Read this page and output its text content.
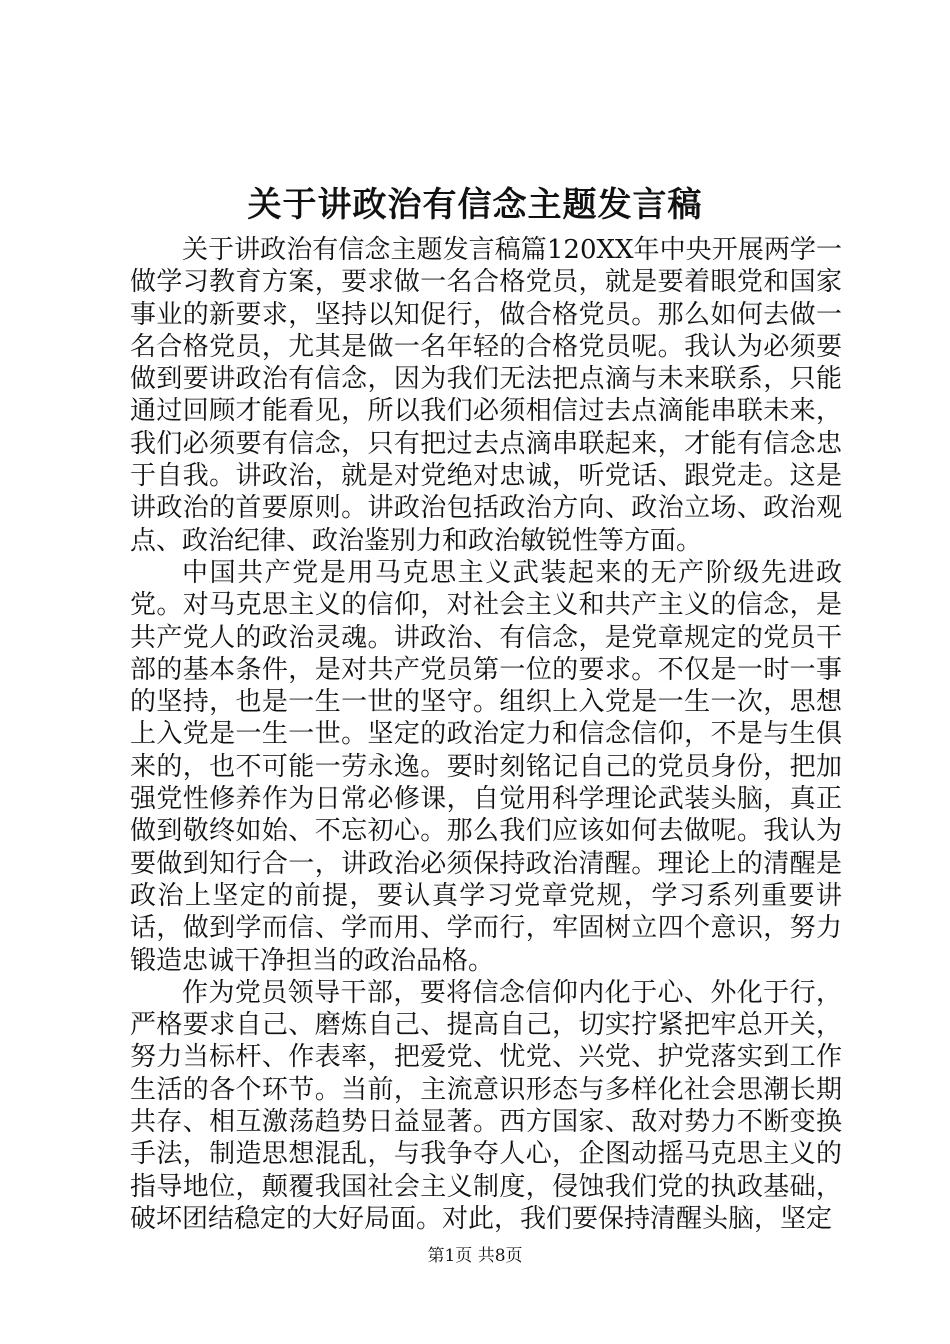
关于讲政治有信念主题发言稿

关于讲政治有信念主题发言稿篇120XX年中央开展两学一做学习教育方案，要求做一名合格党员，就是要着眼党和国家事业的新要求，坚持以知促行，做合格党员。那么如何去做一名合格党员，尤其是做一名年轻的合格党员呢。我认为必须要做到要讲政治有信念，因为我们无法把点滴与未来联系，只能通过回顾才能看见，所以我们必须相信过去点滴能串联未来，我们必须要有信念，只有把过去点滴串联起来，才能有信念忠于自我。讲政治，就是对党绝对忠诚，听党话、跟党走。这是讲政治的首要原则。讲政治包括政治方向、政治立场、政治观点、政治纪律、政治鉴别力和政治敏锐性等方面。

中国共产党是用马克思主义武装起来的无产阶级先进政党。对马克思主义的信仰，对社会主义和共产主义的信念，是共产党人的政治灵魂。讲政治、有信念，是党章规定的党员干部的基本条件，是对共产党员第一位的要求。不仅是一时一事的坚持，也是一生一世的坚守。组织上入党是一生一次，思想上入党是一生一世。坚定的政治定力和信念信仰，不是与生俱来的，也不可能一劳永逸。要时刻铭记自己的党员身份，把加强党性修养作为日常必修课，自觉用科学理论武装头脑，真正做到敬终如始、不忘初心。那么我们应该如何去做呢。我认为要做到知行合一，讲政治必须保持政治清醒。理论上的清醒是政治上坚定的前提，要认真学习党章党规，学习系列重要讲话，做到学而信、学而用、学而行，牢固树立四个意识，努力锻造忠诚干净担当的政治品格。

作为党员领导干部，要将信念信仰内化于心、外化于行，严格要求自己、磨炼自己、提高自己，切实拧紧把牢总开关，努力当标杆、作表率，把爱党、忧党、兴党、护党落实到工作生活的各个环节。当前，主流意识形态与多样化社会思潮长期共存、相互激荡趋势日益显著。西方国家、敌对势力不断变换手法，制造思想混乱，与我争夺人心，企图动摇马克思主义的指导地位，颠覆我国社会主义制度，侵蚀我们党的执政基础，破坏团结稳定的大好局面。对此，我们要保持清醒头脑，坚定

第1页 共8页
